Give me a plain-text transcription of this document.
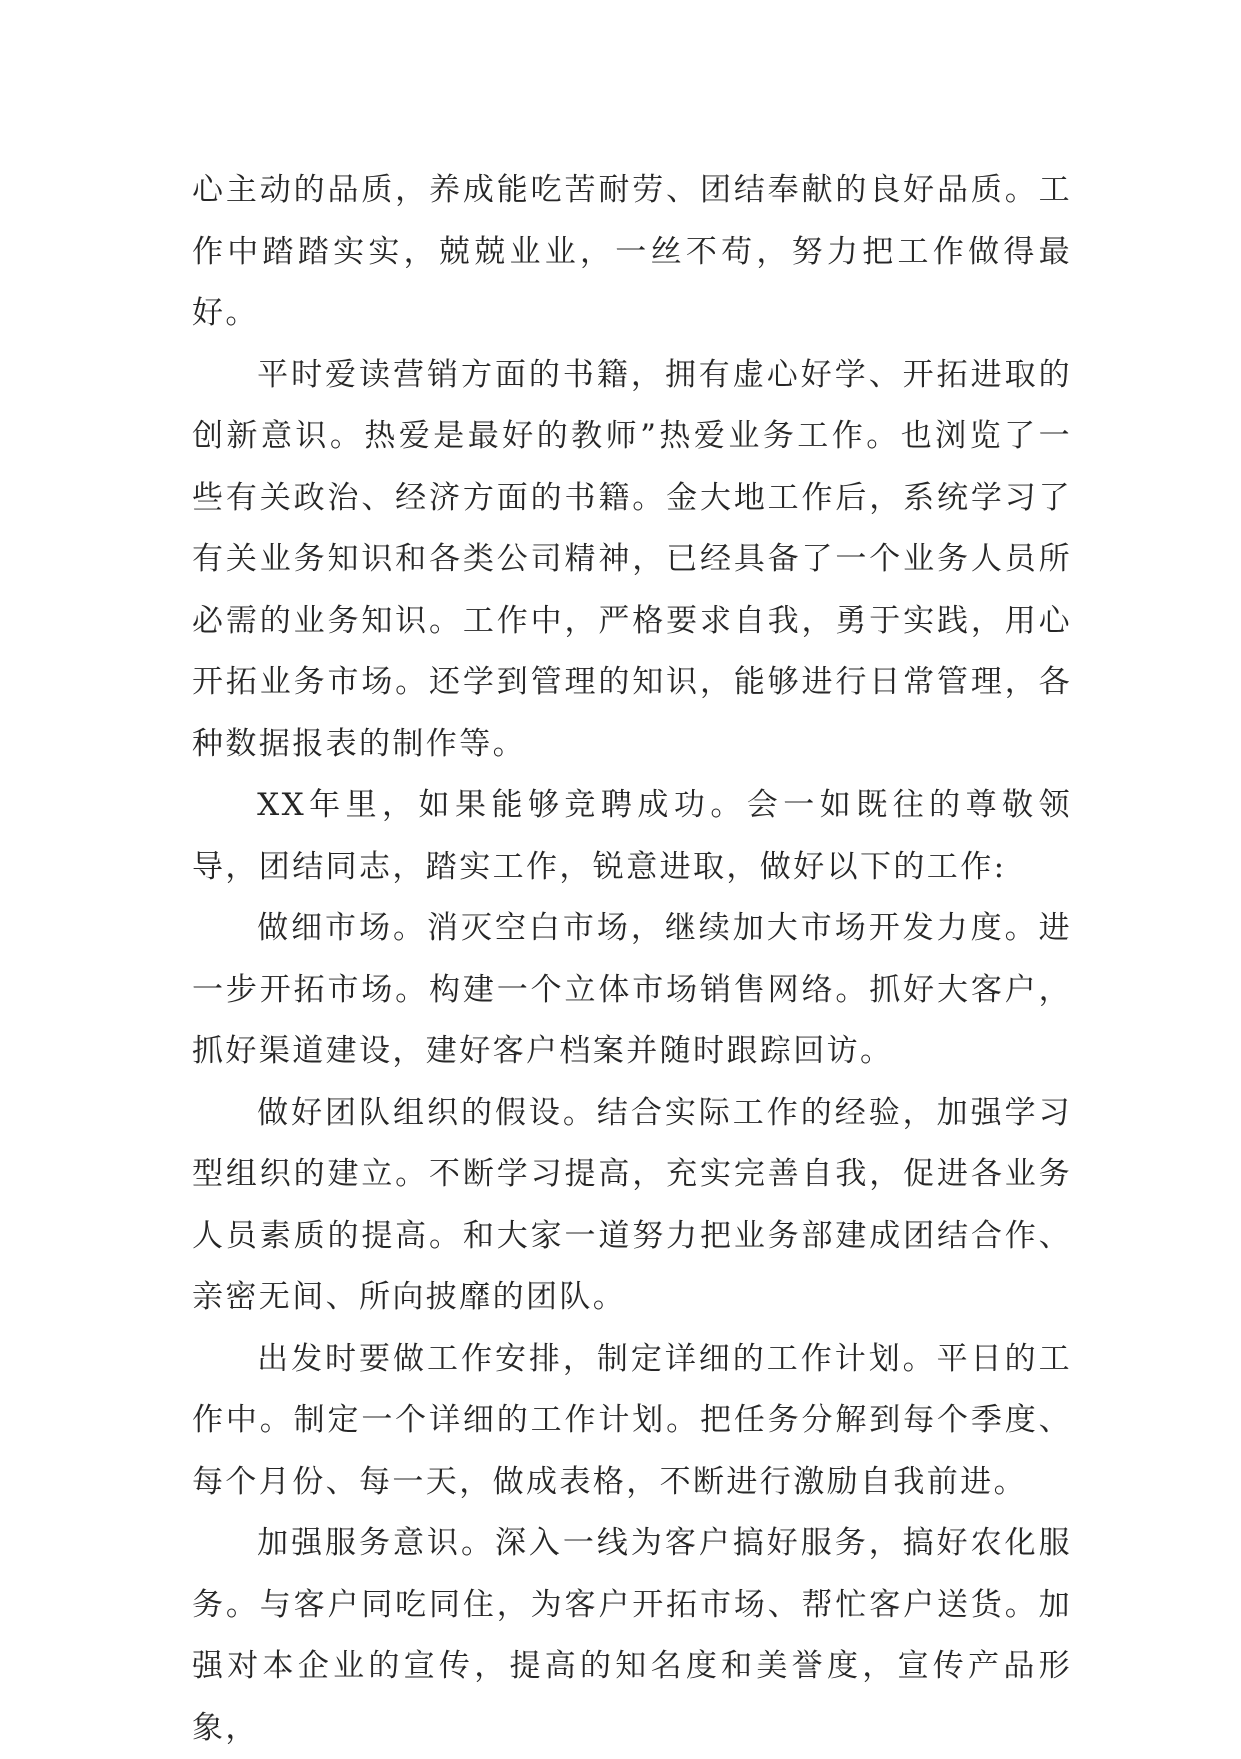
心主动的品质，养成能吃苦耐劳、团结奉献的良好品质。工作中踏踏实实，兢兢业业，一丝不苟，努力把工作做得最好。

平时爱读营销方面的书籍，拥有虚心好学、开拓进取的创新意识。热爱是最好的教师”热爱业务工作。也浏览了一些有关政治、经济方面的书籍。金大地工作后，系统学习了有关业务知识和各类公司精神，已经具备了一个业务人员所必需的业务知识。工作中，严格要求自我，勇于实践，用心开拓业务市场。还学到管理的知识，能够进行日常管理，各种数据报表的制作等。

XX年里，如果能够竞聘成功。会一如既往的尊敬领导，团结同志，踏实工作，锐意进取，做好以下的工作:

做细市场。消灭空白市场，继续加大市场开发力度。进一步开拓市场。构建一个立体市场销售网络。抓好大客户，抓好渠道建设，建好客户档案并随时跟踪回访。

做好团队组织的假设。结合实际工作的经验，加强学习型组织的建立。不断学习提高，充实完善自我，促进各业务人员素质的提高。和大家一道努力把业务部建成团结合作、亲密无间、所向披靡的团队。

出发时要做工作安排，制定详细的工作计划。平日的工作中。制定一个详细的工作计划。把任务分解到每个季度、每个月份、每一天，做成表格，不断进行激励自我前进。

加强服务意识。深入一线为客户搞好服务，搞好农化服务。与客户同吃同住，为客户开拓市场、帮忙客户送货。加强对本企业的宣传，提高的知名度和美誉度，宣传产品形象，
